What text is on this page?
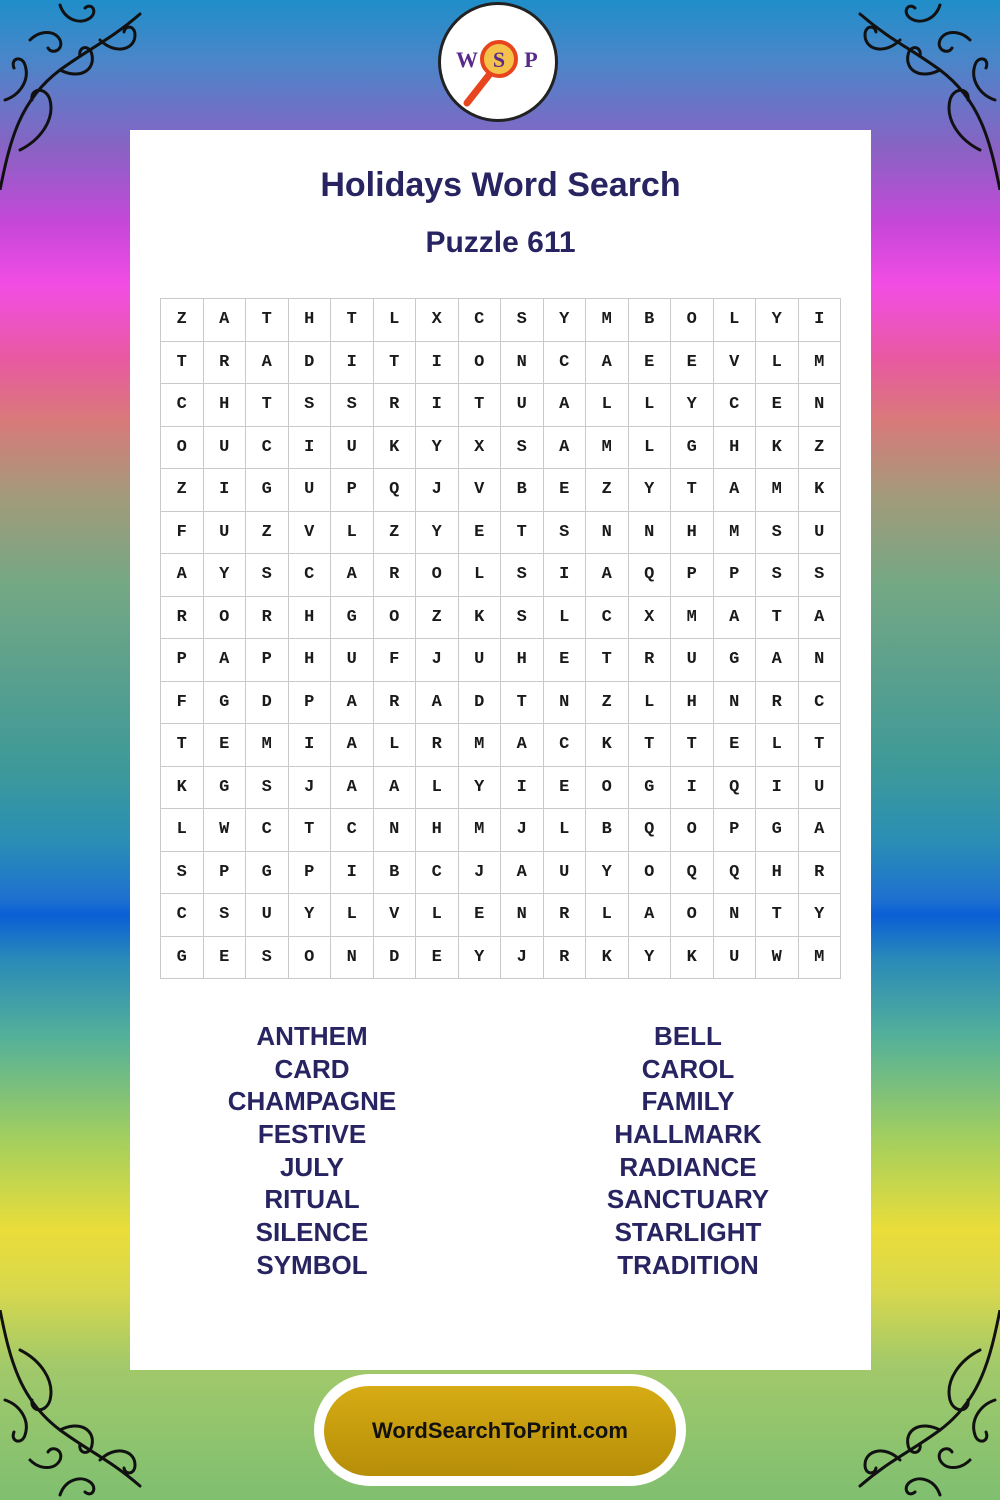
W S P
Holidays Word Search
Puzzle 611
Z	A	T	H	T	L	X	C	S	Y	M	B	O	L	Y	I
T	R	A	D	I	T	I	O	N	C	A	E	E	V	L	M
C	H	T	S	S	R	I	T	U	A	L	L	Y	C	E	N
O	U	C	I	U	K	Y	X	S	A	M	L	G	H	K	Z
Z	I	G	U	P	Q	J	V	B	E	Z	Y	T	A	M	K
F	U	Z	V	L	Z	Y	E	T	S	N	N	H	M	S	U
A	Y	S	C	A	R	O	L	S	I	A	Q	P	P	S	S
R	O	R	H	G	O	Z	K	S	L	C	X	M	A	T	A
P	A	P	H	U	F	J	U	H	E	T	R	U	G	A	N
F	G	D	P	A	R	A	D	T	N	Z	L	H	N	R	C
T	E	M	I	A	L	R	M	A	C	K	T	T	E	L	T
K	G	S	J	A	A	L	Y	I	E	O	G	I	Q	I	U
L	W	C	T	C	N	H	M	J	L	B	Q	O	P	G	A
S	P	G	P	I	B	C	J	A	U	Y	O	Q	Q	H	R
C	S	U	Y	L	V	L	E	N	R	L	A	O	N	T	Y
G	E	S	O	N	D	E	Y	J	R	K	Y	K	U	W	M
ANTHEM
CARD
CHAMPAGNE
FESTIVE
JULY
RITUAL
SILENCE
SYMBOL
BELL
CAROL
FAMILY
HALLMARK
RADIANCE
SANCTUARY
STARLIGHT
TRADITION
WordSearchToPrint.com
